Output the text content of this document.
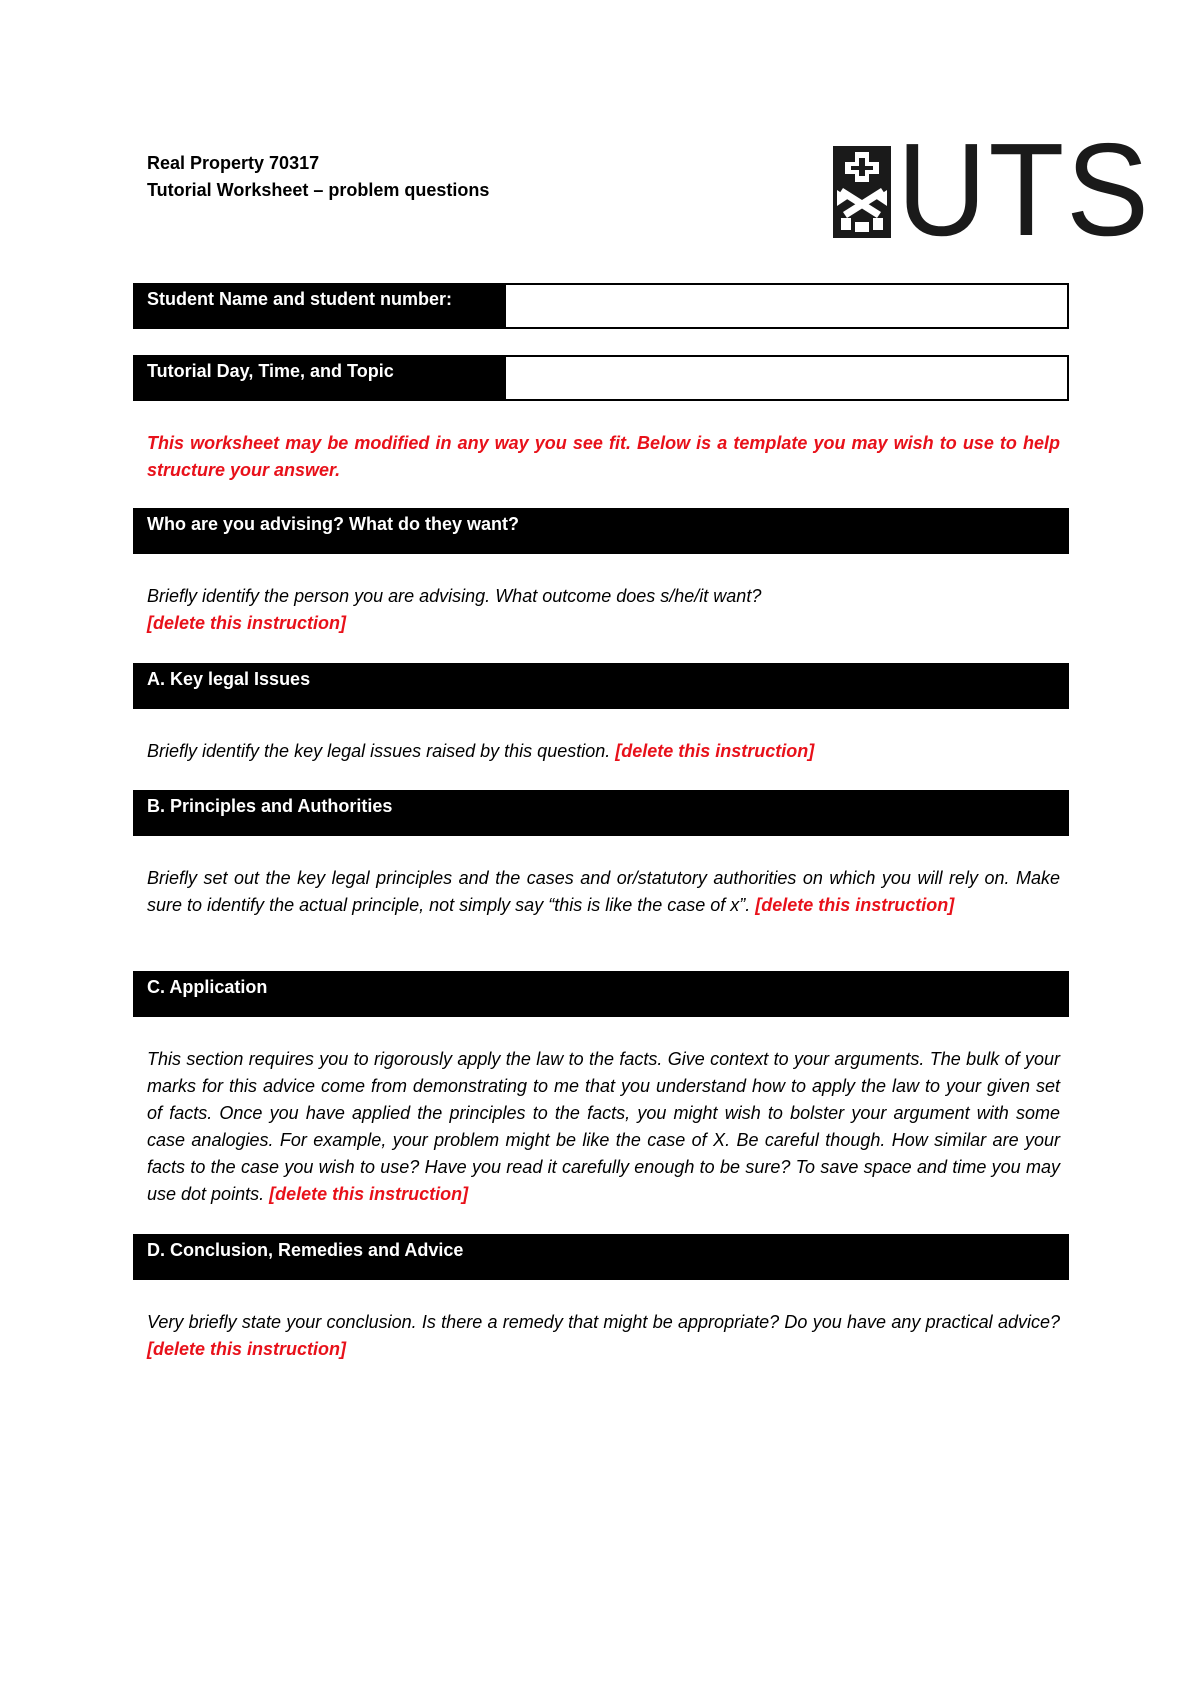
Real Property 70317
Tutorial Worksheet – problem questions	UTS
Student Name and student number:
Tutorial Day, Time, and Topic
This worksheet may be modified in any way you see fit. Below is a template you may wish to use to help structure your answer.
Who are you advising? What do they want?
Briefly identify the person you are advising. What outcome does s/he/it want?
[delete this instruction]
A. Key legal Issues
Briefly identify the key legal issues raised by this question. [delete this instruction]
B. Principles and Authorities
Briefly set out the key legal principles and the cases and or/statutory authorities on which you will rely on. Make sure to identify the actual principle, not simply say “this is like the case of x”. [delete this instruction]
C. Application
This section requires you to rigorously apply the law to the facts. Give context to your arguments. The bulk of your marks for this advice come from demonstrating to me that you understand how to apply the law to your given set of facts. Once you have applied the principles to the facts, you might wish to bolster your argument with some case analogies. For example, your problem might be like the case of X. Be careful though. How similar are your facts to the case you wish to use? Have you read it carefully enough to be sure? To save space and time you may use dot points. [delete this instruction]
D. Conclusion, Remedies and Advice
Very briefly state your conclusion. Is there a remedy that might be appropriate? Do you have any practical advice? [delete this instruction]
